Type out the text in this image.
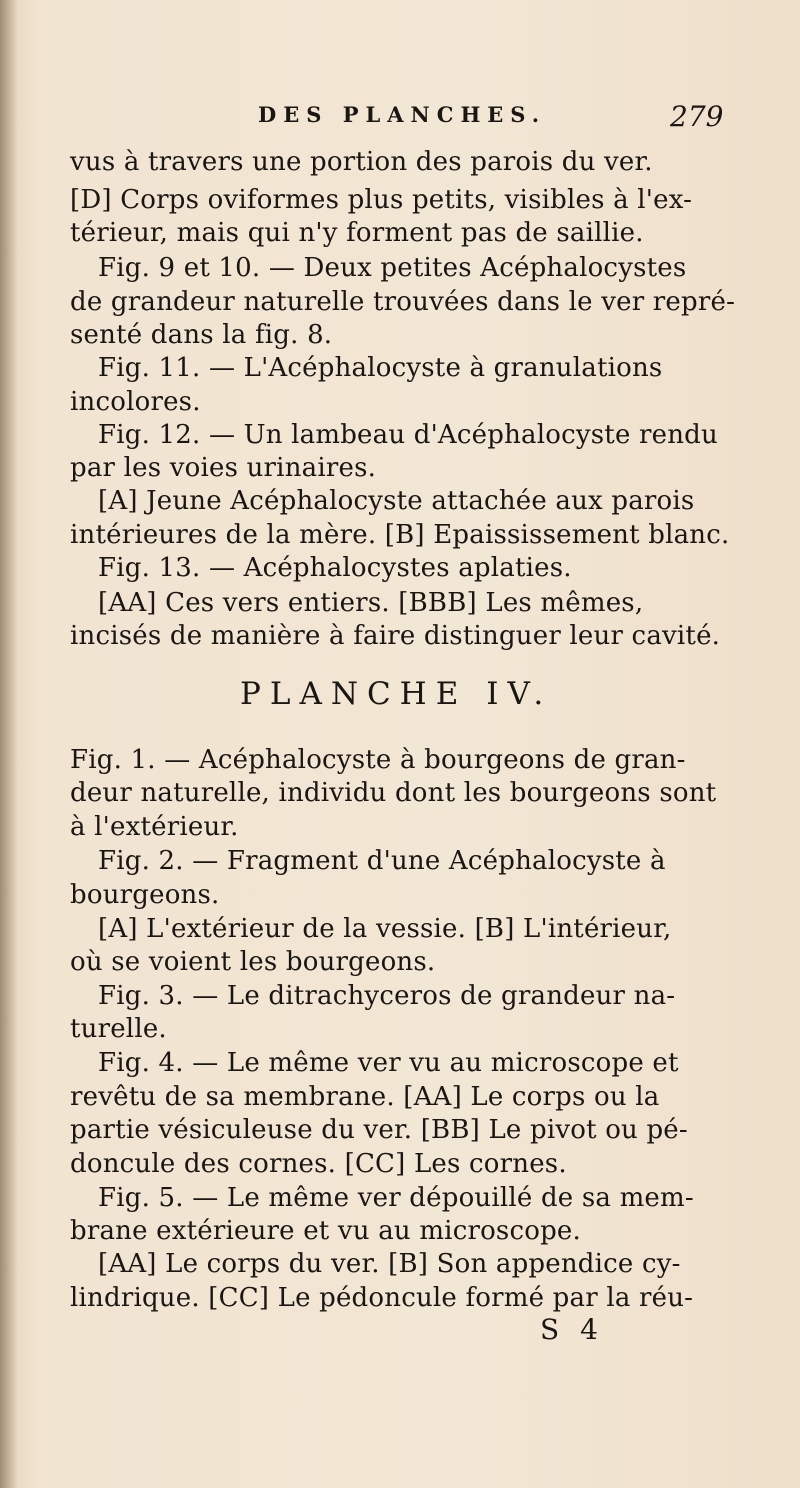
DES PLANCHES.	279
vus à travers une portion des parois du ver.
[D] Corps oviformes plus petits, visibles à l'ex-
térieur, mais qui n'y forment pas de saillie.
Fig. 9 et 10. — Deux petites Acéphalocystes
de grandeur naturelle trouvées dans le ver repré-
senté dans la fig. 8.
Fig. 11. — L'Acéphalocyste à granulations
incolores.
Fig. 12. — Un lambeau d'Acéphalocyste rendu
par les voies urinaires.
[A] Jeune Acéphalocyste attachée aux parois
intérieures de la mère. [B] Epaississement blanc.
Fig. 13. — Acéphalocystes aplaties.
[AA] Ces vers entiers. [BBB] Les mêmes,
incisés de manière à faire distinguer leur cavité.
PLANCHE IV.
Fig. 1. — Acéphalocyste à bourgeons de gran-
deur naturelle, individu dont les bourgeons sont
à l'extérieur.
Fig. 2. — Fragment d'une Acéphalocyste à
bourgeons.
[A] L'extérieur de la vessie. [B] L'intérieur,
où se voient les bourgeons.
Fig. 3. — Le ditrachyceros de grandeur na-
turelle.
Fig. 4. — Le même ver vu au microscope et
revêtu de sa membrane. [AA] Le corps ou la
partie vésiculeuse du ver. [BB] Le pivot ou pé-
doncule des cornes. [CC] Les cornes.
Fig. 5. — Le même ver dépouillé de sa mem-
brane extérieure et vu au microscope.
[AA] Le corps du ver. [B] Son appendice cy-
lindrique. [CC] Le pédoncule formé par la réu-
S 4
